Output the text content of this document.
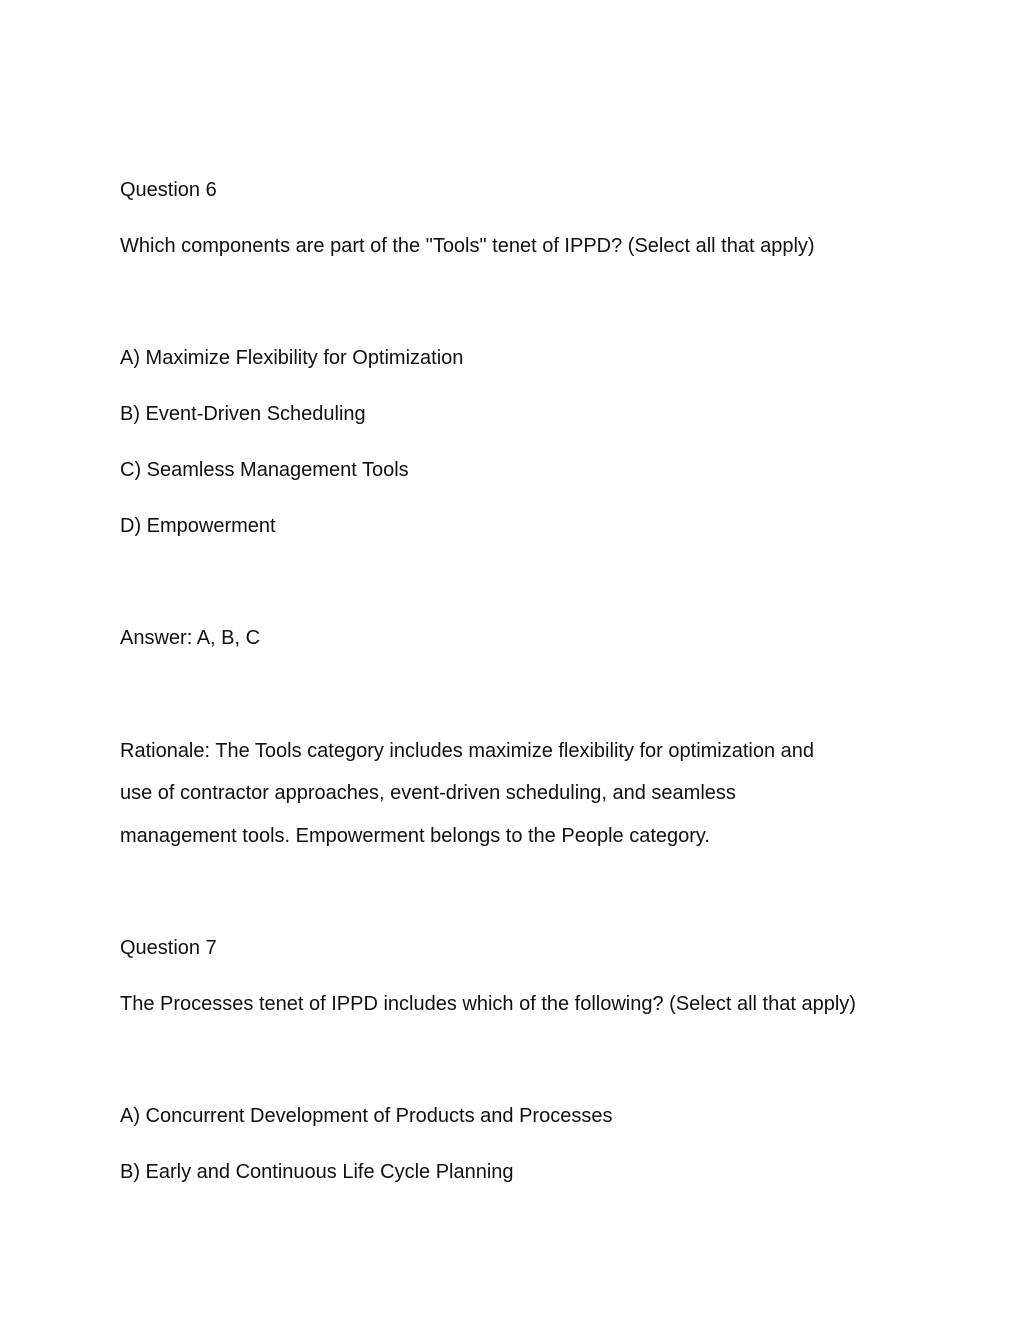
Question 6
Which components are part of the "Tools" tenet of IPPD? (Select all that apply)
A) Maximize Flexibility for Optimization
B) Event-Driven Scheduling
C) Seamless Management Tools
D) Empowerment
Answer: A, B, C
Rationale: The Tools category includes maximize flexibility for optimization and
use of contractor approaches, event-driven scheduling, and seamless
management tools. Empowerment belongs to the People category.
Question 7
The Processes tenet of IPPD includes which of the following? (Select all that apply)
A) Concurrent Development of Products and Processes
B) Early and Continuous Life Cycle Planning
